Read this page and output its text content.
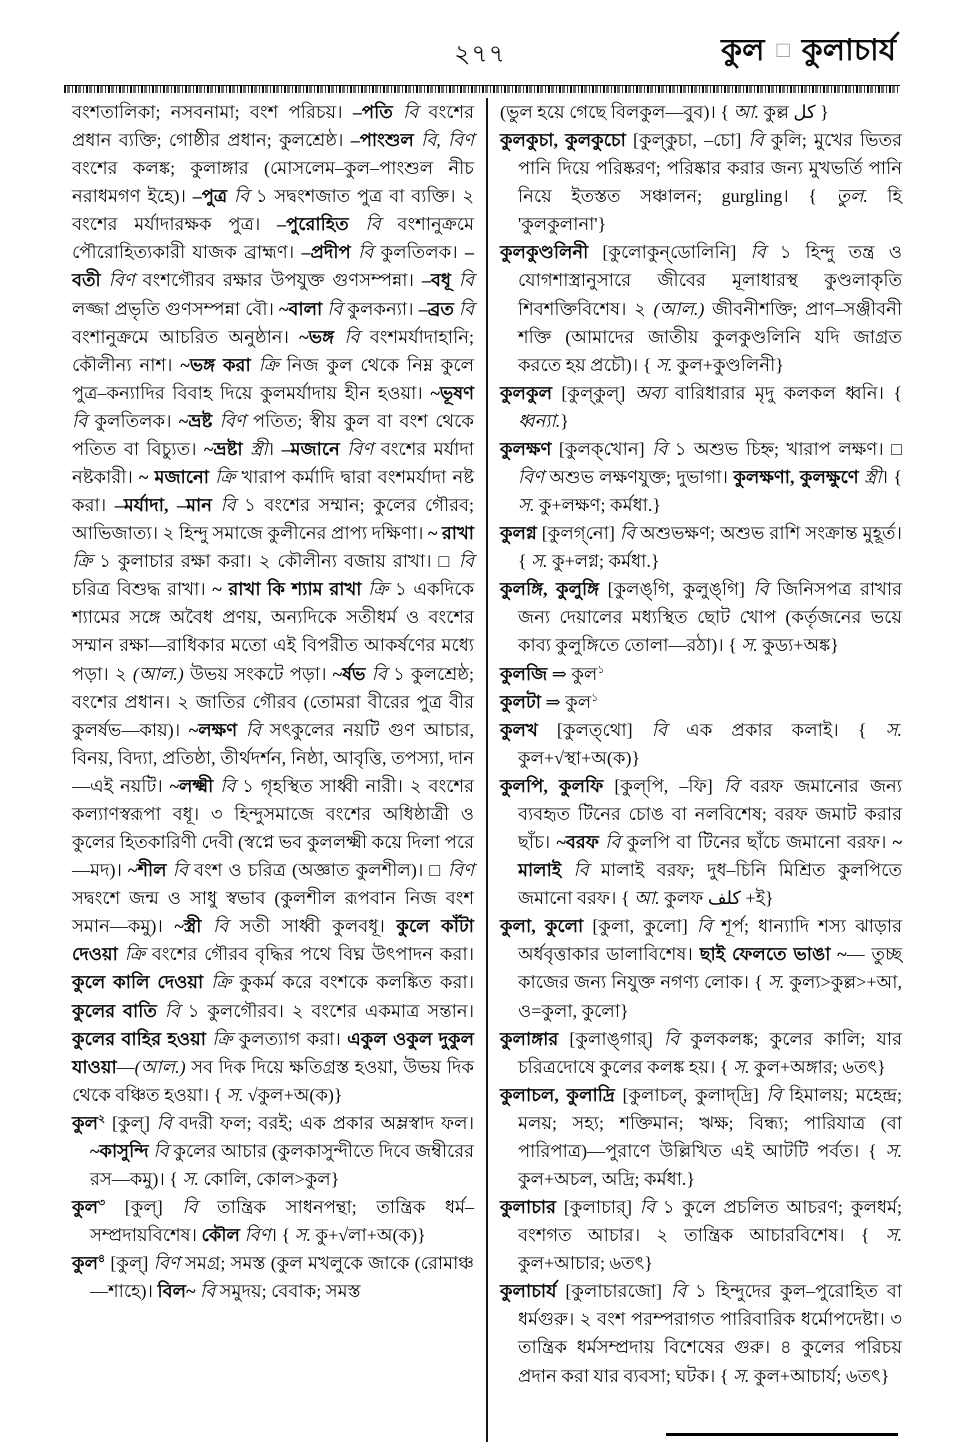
২৭৭	কুল □ কুলাচার্য

বংশতালিকা; নসবনামা; বংশ পরিচয়। –পতি বি বংশের প্রধান ব্যক্তি; গোষ্ঠীর প্রধান; কুলশ্রেষ্ঠ। –পাংশুল বি, বিণ বংশের কলঙ্ক; কুলাঙ্গার (মোসলেম–কুল–পাংশুল নীচ নরাধমগণ ইহে)। –পুত্র বি ১ সদ্বংশজাত পুত্র বা ব্যক্তি। ২ বংশের মর্যাদারক্ষক পুত্র। –পুরোহিত বি বংশানুক্রমে পৌরোহিত্যকারী যাজক ব্রাহ্মণ। –প্রদীপ বি কুলতিলক। –বতী বিণ বংশগৌরব রক্ষার উপযুক্ত গুণসম্পন্না। –বধূ বি লজ্জা প্রভৃতি গুণসম্পন্না বৌ। ~বালা বি কুলকন্যা। –ব্রত বি বংশানুক্রমে আচরিত অনুষ্ঠান। ~ভঙ্গ বি বংশমর্যাদাহানি; কৌলীন্য নাশ। ~ভঙ্গ করা ক্রি নিজ কুল থেকে নিম্ন কুলে পুত্র–কন্যাদির বিবাহ দিয়ে কুলমর্যাদায় হীন হওয়া। ~ভূষণ বি কুলতিলক। ~ভ্রষ্ট বিণ পতিত; স্বীয় কুল বা বংশ থেকে পতিত বা বিচ্যুত। ~ভ্রষ্টা স্ত্রী। –মজানে বিণ বংশের মর্যাদা নষ্টকারী। ~ মজানো ক্রি খারাপ কর্মাদি দ্বারা বংশমর্যাদা নষ্ট করা। –মর্যাদা, –মান বি ১ বংশের সম্মান; কুলের গৌরব; আভিজাত্য। ২ হিন্দু সমাজে কুলীনের প্রাপ্য দক্ষিণা। ~ রাখা ক্রি ১ কুলাচার রক্ষা করা। ২ কৌলীন্য বজায় রাখা। □ বি চরিত্র বিশুদ্ধ রাখা। ~ রাখা কি শ্যাম রাখা ক্রি ১ একদিকে শ্যামের সঙ্গে অবৈধ প্রণয়, অন্যদিকে সতীধর্ম ও বংশের সম্মান রক্ষা—রাধিকার মতো এই বিপরীত আকর্ষণের মধ্যে পড়া। ২ (আল.) উভয় সংকটে পড়া। ~র্ষভ বি ১ কুলশ্রেষ্ঠ; বংশের প্রধান। ২ জাতির গৌরব (তোমরা বীরের পুত্র বীর কুলর্ষভ—কায়)। ~লক্ষণ বি সৎকুলের নয়টি গুণ আচার, বিনয়, বিদ্যা, প্রতিষ্ঠা, তীর্থদর্শন, নিষ্ঠা, আবৃত্তি, তপস্যা, দান—এই নয়টি। ~লক্ষ্মী বি ১ গৃহস্থিত সাধ্বী নারী। ২ বংশের কল্যাণস্বরূপা বধূ। ৩ হিন্দুসমাজে বংশের অধিষ্ঠাত্রী ও কুলের হিতকারিণী দেবী (স্বপ্নে ভব কুললক্ষ্মী কয়ে দিলা পরে—মদ)। ~শীল বি বংশ ও চরিত্র (অজ্ঞাত কুলশীল)। □ বিণ সদ্বংশে জন্ম ও সাধু স্বভাব (কুলশীল রূপবান নিজ বংশ সমান—কমু)। ~স্ত্রী বি সতী সাধ্বী কুলবধূ। কুলে কাঁটা দেওয়া ক্রি বংশের গৌরব বৃদ্ধির পথে বিঘ্ন উৎপাদন করা। কুলে কালি দেওয়া ক্রি কুকর্ম করে বংশকে কলঙ্কিত করা। কুলের বাতি বি ১ কুলগৌরব। ২ বংশের একমাত্র সন্তান। কুলের বাহির হওয়া ক্রি কুলত্যাগ করা। একুল ওকুল দুকুল যাওয়া—(আল.) সব দিক দিয়ে ক্ষতিগ্রস্ত হওয়া, উভয় দিক থেকে বঞ্চিত হওয়া। { স. √কুল+অ(ক)}

কুল$^২$ [কুল্] বি বদরী ফল; বরই; এক প্রকার অম্লস্বাদ ফল। ~কাসুন্দি বি কুলের আচার (কুলকাসুন্দীতে দিবে জম্বীরের রস—কমু)। { স. কোলি, কোল>কুল}

কুল$^৩$ [কুল্] বি তান্ত্রিক সাধনপন্থা; তান্ত্রিক ধর্ম–সম্প্রদায়বিশেষ। কৌল বিণ। { স. কু+√লা+অ(ক)}

কুল$^৪$ [কুল্] বিণ সমগ্র; সমস্ত (কুল মখলুকে জাকে (রোমাঞ্চ—শাহে)। বিল~ বি সমুদয়; বেবাক; সমস্ত

(ভুল হয়ে গেছে বিলকুল—বুব)। { আ. কুল্ল كل }

কুলকুচা, কুলকুচো [কুল্‌কুচা, –চো] বি কুলি; মুখের ভিতর পানি দিয়ে পরিষ্করণ; পরিষ্কার করার জন্য মুখভর্তি পানি নিয়ে ইতস্তত সঞ্চালন; gurgling। { তুল. হি 'কুলকুলানা'}

কুলকুণ্ডলিনী [কুলোকুন্‌ডোলিনি] বি ১ হিন্দু তন্ত্র ও যোগশাস্ত্রানুসারে জীবের মূলাধারস্থ কুণ্ডলাকৃতি শিবশক্তিবিশেষ। ২ (আল.) জীবনীশক্তি; প্রাণ–সঞ্জীবনী শক্তি (আমাদের জাতীয় কুলকুণ্ডলিনি যদি জাগ্রত করতে হয় প্রচৌ)। { স. কুল+কুণ্ডলিনী}

কুলকুল [কুল্‌কুল্] অব্য বারিধারার মৃদু কলকল ধ্বনি। { ধ্বন্যা.}

কুলক্ষণ [কুলক্‌খোন] বি ১ অশুভ চিহ্ন; খারাপ লক্ষণ। □ বিণ অশুভ লক্ষণযুক্ত; দুভাগা। কুলক্ষণা, কুলক্ষুণে স্ত্রী। { স. কু+লক্ষণ; কর্মধা.}

কুলগ্ন [কুলগ্‌নো] বি অশুভক্ষণ; অশুভ রাশি সংক্রান্ত মুহূর্ত। { স. কু+লগ্ন; কর্মধা.}

কুলঙ্গি, কুলুঙ্গি [কুলঙ্‌গি, কুলুঙ্‌গি] বি জিনিসপত্র রাখার জন্য দেয়ালের মধ্যস্থিত ছোট খোপ (কর্তৃজনের ভয়ে কাব্য কুলুঙ্গিতে তোলা—রঠা)। { স. কুড্য+অঙ্ক}

কুলজি ⇒ কুল$^১$

কুলটা ⇒ কুল$^১$

কুলখ [কুলত্‌থো] বি এক প্রকার কলাই। { স. কুল+√স্থা+অ(ক)}

কুলপি, কুলফি [কুল্‌পি, –ফি] বি বরফ জমানোর জন্য ব্যবহৃত টিনের চোঙ বা নলবিশেষ; বরফ জমাট করার ছাঁচ। ~বরফ বি কুলপি বা টিনের ছাঁচে জমানো বরফ। ~ মালাই বি মালাই বরফ; দুধ–চিনি মিশ্রিত কুলপিতে জমানো বরফ। { আ. কুলফ كلف +ই}

কুলা, কুলো [কুলা, কুলো] বি শূর্প; ধান্যাদি শস্য ঝাড়ার অর্ধবৃত্তাকার ডালাবিশেষ। ছাই ফেলতে ভাঙা ~— তুচ্ছ কাজের জন্য নিযুক্ত নগণ্য লোক। { স. কুল্য>কুল্ল>+আ, ও=কুলা, কুলো}

কুলাঙ্গার [কুলাঙ্‌গার্] বি কুলকলঙ্ক; কুলের কালি; যার চরিত্রদোষে কুলের কলঙ্ক হয়। { স. কুল+অঙ্গার; ৬তৎ}

কুলাচল, কুলাদ্রি [কুলাচল্, কুলাদ্‌দ্রি] বি হিমালয়; মহেন্দ্র; মলয়; সহ্য; শক্তিমান; ঋক্ষ; বিন্ধ্য; পারিযাত্র (বা পারিপাত্র)—পুরাণে উল্লিখিত এই আটটি পর্বত। { স. কুল+অচল, অদ্রি; কর্মধা.}

কুলাচার [কুলাচার্] বি ১ কুলে প্রচলিত আচরণ; কুলধর্ম; বংশগত আচার। ২ তান্ত্রিক আচারবিশেষ। { স. কুল+আচার; ৬তৎ}

কুলাচার্য [কুলাচারজো] বি ১ হিন্দুদের কুল–পুরোহিত বা ধর্মগুরু। ২ বংশ পরম্পরাগত পারিবারিক ধর্মোপদেষ্টা। ৩ তান্ত্রিক ধর্মসম্প্রদায় বিশেষের গুরু। ৪ কুলের পরিচয় প্রদান করা যার ব্যবসা; ঘটক। { স. কুল+আচার্য; ৬তৎ}
